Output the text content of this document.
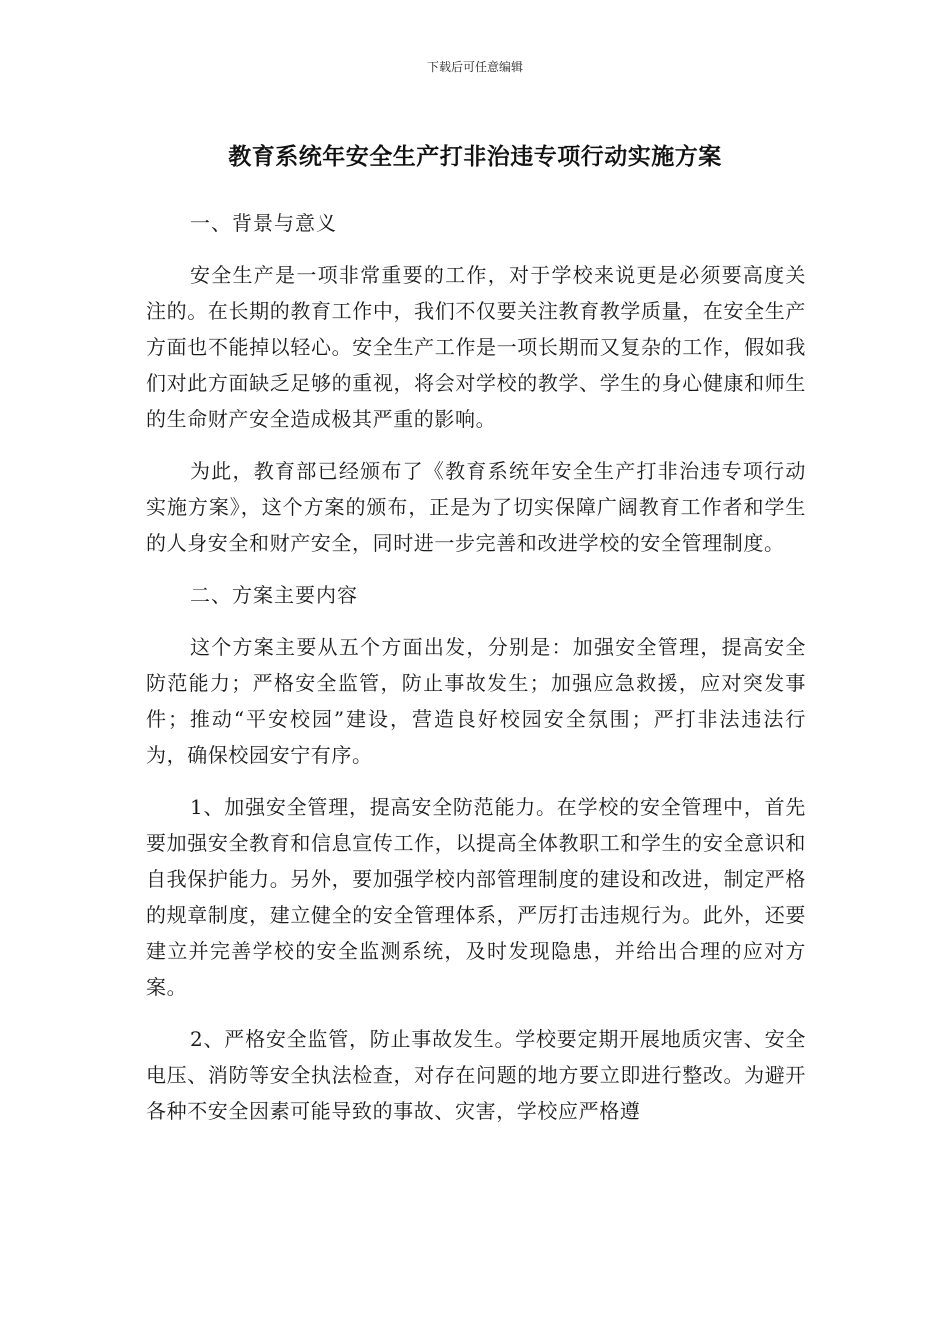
下载后可任意编辑
教育系统年安全生产打非治违专项行动实施方案

一、背景与意义

安全生产是一项非常重要的工作，对于学校来说更是必须要高度关注的。在长期的教育工作中，我们不仅要关注教育教学质量，在安全生产方面也不能掉以轻心。安全生产工作是一项长期而又复杂的工作，假如我们对此方面缺乏足够的重视，将会对学校的教学、学生的身心健康和师生的生命财产安全造成极其严重的影响。

为此，教育部已经颁布了《教育系统年安全生产打非治违专项行动实施方案》，这个方案的颁布，正是为了切实保障广阔教育工作者和学生的人身安全和财产安全，同时进一步完善和改进学校的安全管理制度。

二、方案主要内容

这个方案主要从五个方面出发，分别是：加强安全管理，提高安全防范能力；严格安全监管，防止事故发生；加强应急救援，应对突发事件；推动“平安校园”建设，营造良好校园安全氛围；严打非法违法行为，确保校园安宁有序。

1、加强安全管理，提高安全防范能力。在学校的安全管理中，首先要加强安全教育和信息宣传工作，以提高全体教职工和学生的安全意识和自我保护能力。另外，要加强学校内部管理制度的建设和改进，制定严格的规章制度，建立健全的安全管理体系，严厉打击违规行为。此外，还要建立并完善学校的安全监测系统，及时发现隐患，并给出合理的应对方案。

2、严格安全监管，防止事故发生。学校要定期开展地质灾害、安全电压、消防等安全执法检查，对存在问题的地方要立即进行整改。为避开各种不安全因素可能导致的事故、灾害，学校应严格遵
